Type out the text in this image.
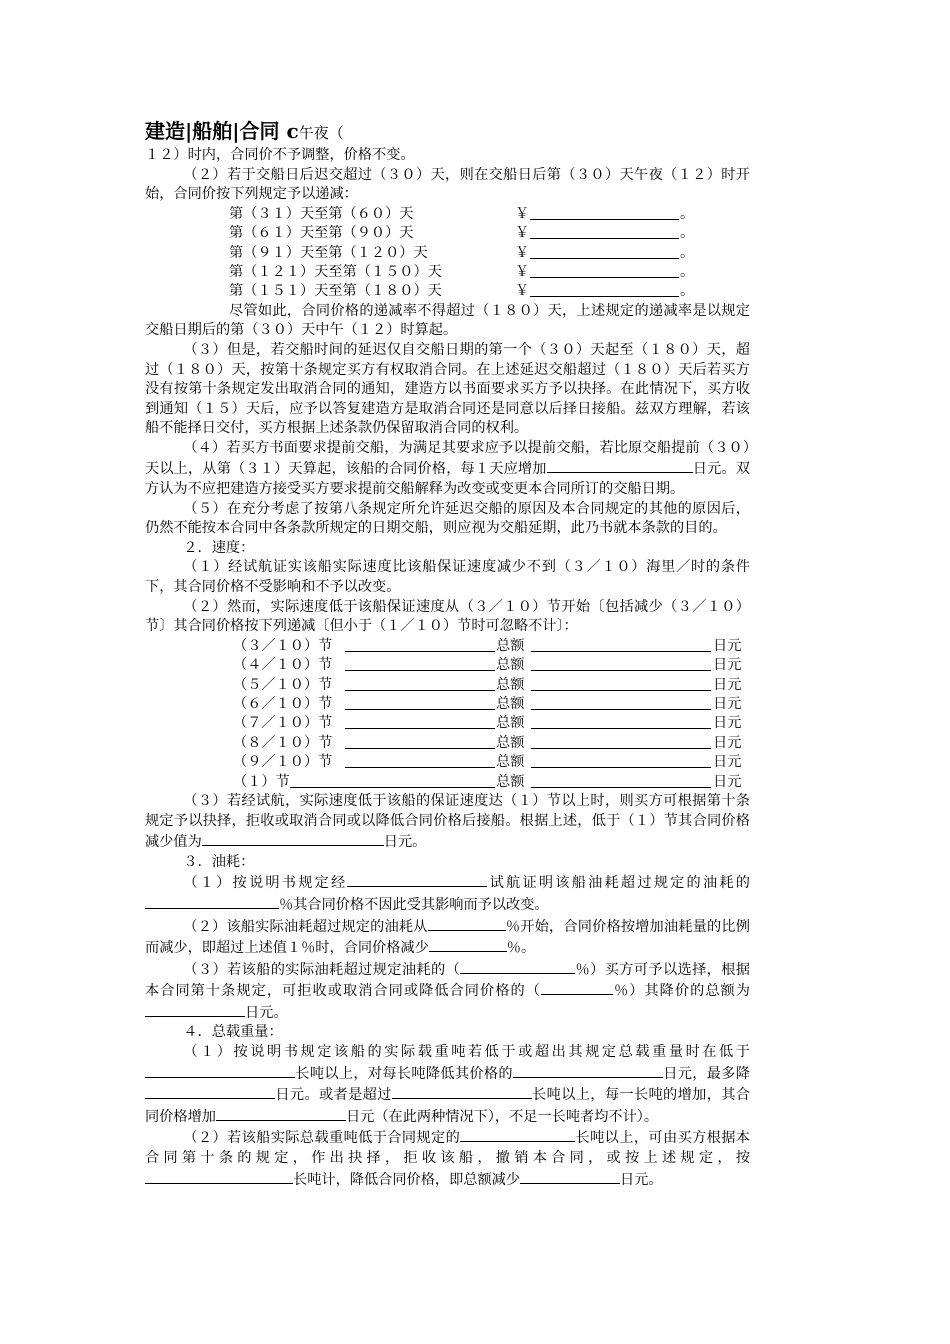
建造|船舶|合同 c午夜（

１２）时内，合同价不予调整，价格不变。

（２）若于交船日后迟交超过（３０）天，则在交船日后第（３０）天午夜（１２）时开始，合同价按下列规定予以递减：

第（３１）天至第（６０）天	￥	。
第（６１）天至第（９０）天	￥	。
第（９１）天至第（１２０）天	￥	。
第（１２１）天至第（１５０）天	￥	。
第（１５１）天至第（１８０）天	￥	。

尽管如此，合同价格的递减率不得超过（１８０）天，上述规定的递减率是以规定交船日期后的第（３０）天中午（１２）时算起。

（３）但是，若交船时间的延迟仅自交船日期的第一个（３０）天起至（１８０）天，超过（１８０）天，按第十条规定买方有权取消合同。在上述延迟交船超过（１８０）天后若买方没有按第十条规定发出取消合同的通知，建造方以书面要求买方予以抉择。在此情况下，买方收到通知（１５）天后，应予以答复建造方是取消合同还是同意以后择日接船。兹双方理解，若该船不能择日交付，买方根据上述条款仍保留取消合同的权利。

（４）若买方书面要求提前交船，为满足其要求应予以提前交船，若比原交船提前（３０）天以上，从第（３１）天算起，该船的合同价格，每１天应增加	日元。双方认为不应把建造方接受买方要求提前交船解释为改变或变更本合同所订的交船日期。

（５）在充分考虑了按第八条规定所允许延迟交船的原因及本合同规定的其他的原因后，仍然不能按本合同中各条款所规定的日期交船，则应视为交船延期，此乃书就本条款的目的。

２．速度：

（１）经试航证实该船实际速度比该船保证速度减少不到（３／１０）海里／时的条件下，其合同价格不受影响和不予以改变。

（２）然而，实际速度低于该船保证速度从（３／１０）节开始〔包括减少（３／１０）节〕其合同价格按下列递减〔但小于（１／１０）节时可忽略不计〕：

（３／１０）节	总额	日元
（４／１０）节	总额	日元
（５／１０）节	总额	日元
（６／１０）节	总额	日元
（７／１０）节	总额	日元
（８／１０）节	总额	日元
（９／１０）节	总额	日元
（１）节	总额	日元

（３）若经试航，实际速度低于该船的保证速度达（１）节以上时，则买方可根据第十条规定予以抉择，拒收或取消合同或以降低合同价格后接船。根据上述，低于（１）节其合同价格减少值为	日元。

３．油耗：

（１）按说明书规定经	试航证明该船油耗超过规定的油耗的％其合同价格不因此受其影响而予以改变。

（２）该船实际油耗超过规定的油耗从	％开始，合同价格按增加油耗量的比例而减少，即超过上述值１％时，合同价格减少	％。

（３）若该船的实际油耗超过规定油耗的（	％）买方可予以选择，根据本合同第十条规定，可拒收或取消合同或降低合同价格的（	％）其降价的总额为日元。

４．总载重量：

（１）按说明书规定该船的实际载重吨若低于或超出其规定总载重量时在低于长吨以上，对每长吨降低其价格的	日元，最多降日元。或者是超过	长吨以上，每一长吨的增加，其合同价格增加	日元（在此两种情况下），不足一长吨者均不计）。

（２）若该船实际总载重吨低于合同规定的	长吨以上，可由买方根据本合同第十条的规定，作出抉择，拒收该船，撤销本合同，或按上述规定，按长吨计，降低合同价格，即总额减少	日元。
